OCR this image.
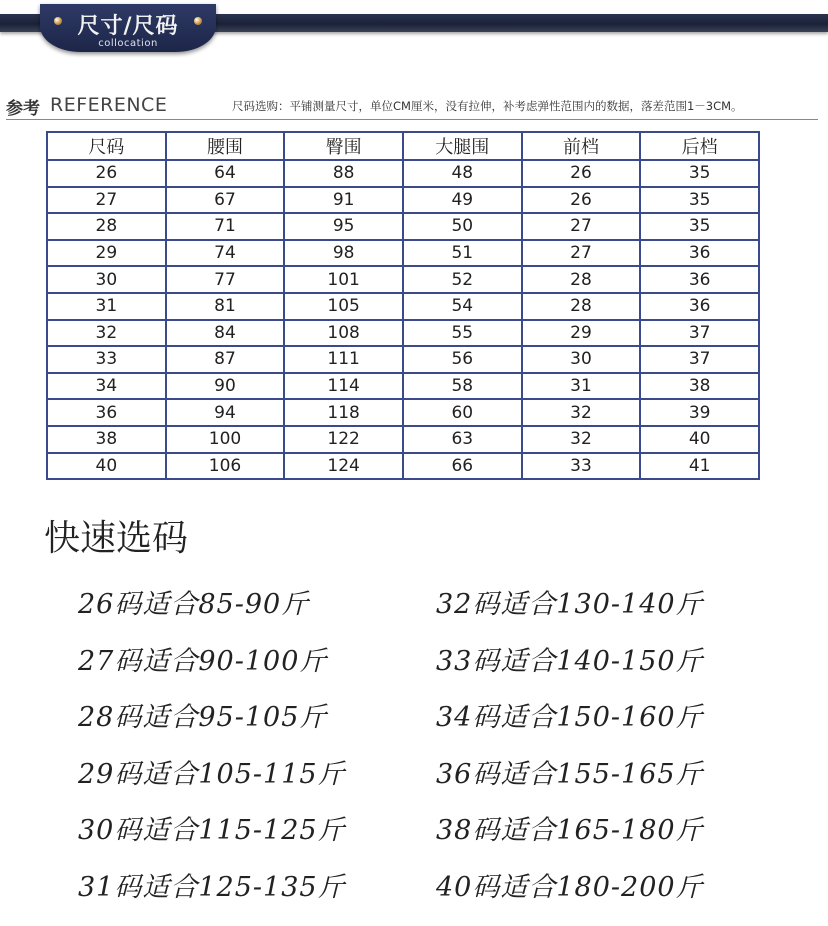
尺寸/尺码
collocation
参考 REFERENCE	尺码选购：平铺测量尺寸，单位CM厘米，没有拉伸，补考虑弹性范围内的数据，落差范围1－3CM。
尺码	腰围	臀围	大腿围	前档	后档
26	64	88	48	26	35
27	67	91	49	26	35
28	71	95	50	27	35
29	74	98	51	27	36
30	77	101	52	28	36
31	81	105	54	28	36
32	84	108	55	29	37
33	87	111	56	30	37
34	90	114	58	31	38
36	94	118	60	32	39
38	100	122	63	32	40
40	106	124	66	33	41
快速选码
26码适合85-90斤
27码适合90-100斤
28码适合95-105斤
29码适合105-115斤
30码适合115-125斤
31码适合125-135斤
32码适合130-140斤
33码适合140-150斤
34码适合150-160斤
36码适合155-165斤
38码适合165-180斤
40码适合180-200斤
